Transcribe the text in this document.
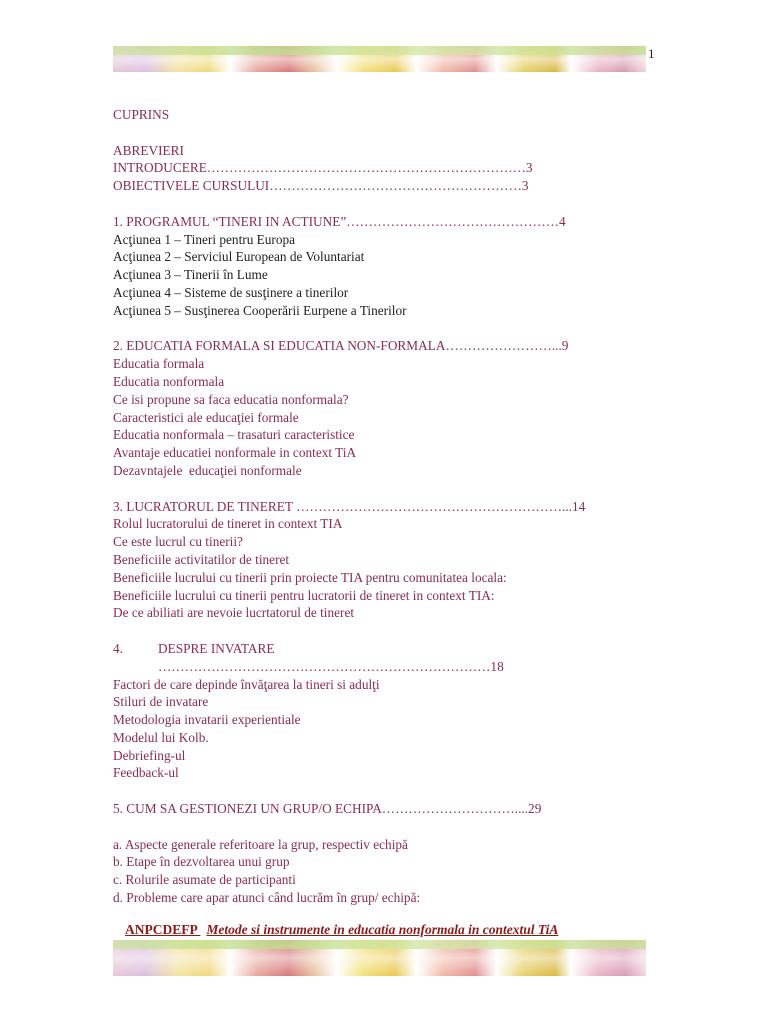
1
CUPRINS
ABREVIERI
INTRODUCERE………………………………………………………………3
OBIECTIVELE CURSULUI…………………………………………………3
1. PROGRAMUL “TINERI IN ACTIUNE”…………………………………………4
Acţiunea 1 – Tineri pentru Europa
Acţiunea 2 – Serviciul European de Voluntariat
Acţiunea 3 – Tinerii în Lume
Acţiunea 4 – Sisteme de susţinere a tinerilor
Acţiunea 5 – Susţinerea Cooperării Eurpene a Tinerilor
2. EDUCATIA FORMALA SI EDUCATIA NON-FORMALA……………………...9
Educatia formala
Educatia nonformala
Ce isi propune sa faca educatia nonformala?
Caracteristici ale educaţiei formale
Educatia nonformala – trasaturi caracteristice
Avantaje educatiei nonformale in context TiA
Dezavntajele  educaţiei nonformale
3. LUCRATORUL DE TINERET ……………………………………………………...14
Rolul lucratorului de tineret in context TIA
Ce este lucrul cu tinerii?
Beneficiile activitatilor de tineret
Beneficiile lucrului cu tinerii prin proiecte TIA pentru comunitatea locala:
Beneficiile lucrului cu tinerii pentru lucratorii de tineret in context TIA:
De ce abiliati are nevoie lucrtatorul de tineret
4.	DESPRE INVATARE
…………………………………………………………………18
Factori de care depinde învăţarea la tineri si adulţi
Stiluri de invatare
Metodologia invatarii experientiale
Modelul lui Kolb.
Debriefing-ul
Feedback-ul
5. CUM SA GESTIONEZI UN GRUP/O ECHIPA…………………………....29
a. Aspecte generale referitoare la grup, respectiv echipă
b. Etape în dezvoltarea unui grup
c. Rolurile asumate de participanti
d. Probleme care apar atunci când lucrăm în grup/ echipă:
ANPCDEFP Metode si instrumente in educatia nonformala in contextul TiA
